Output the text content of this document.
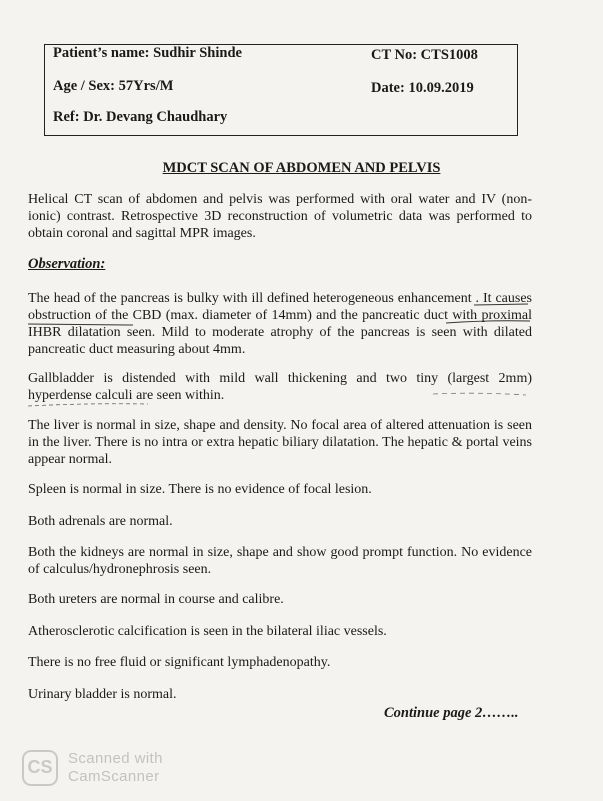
Patient’s name: Sudhir Shinde	CT No: CTS1008
Age / Sex: 57Yrs/M	Date: 10.09.2019
Ref: Dr. Devang Chaudhary
MDCT SCAN OF ABDOMEN AND PELVIS
Helical CT scan of abdomen and pelvis was performed with oral water and IV (non-ionic) contrast. Retrospective 3D reconstruction of volumetric data was performed to obtain coronal and sagittal MPR images.
Observation:
The head of the pancreas is bulky with ill defined heterogeneous enhancement . It causes obstruction of the CBD (max. diameter of 14mm) and the pancreatic duct with proximal IHBR dilatation seen. Mild to moderate atrophy of the pancreas is seen with dilated pancreatic duct measuring about 4mm.
Gallbladder is distended with mild wall thickening and two tiny (largest 2mm) hyperdense calculi are seen within.
The liver is normal in size, shape and density. No focal area of altered attenuation is seen in the liver. There is no intra or extra hepatic biliary dilatation. The hepatic & portal veins appear normal.
Spleen is normal in size. There is no evidence of focal lesion.
Both adrenals are normal.
Both the kidneys are normal in size, shape and show good prompt function. No evidence of calculus/hydronephrosis seen.
Both ureters are normal in course and calibre.
Atherosclerotic calcification is seen in the bilateral iliac vessels.
There is no free fluid or significant lymphadenopathy.
Urinary bladder is normal.
Continue page 2……..
CS	Scanned with
CamScanner
